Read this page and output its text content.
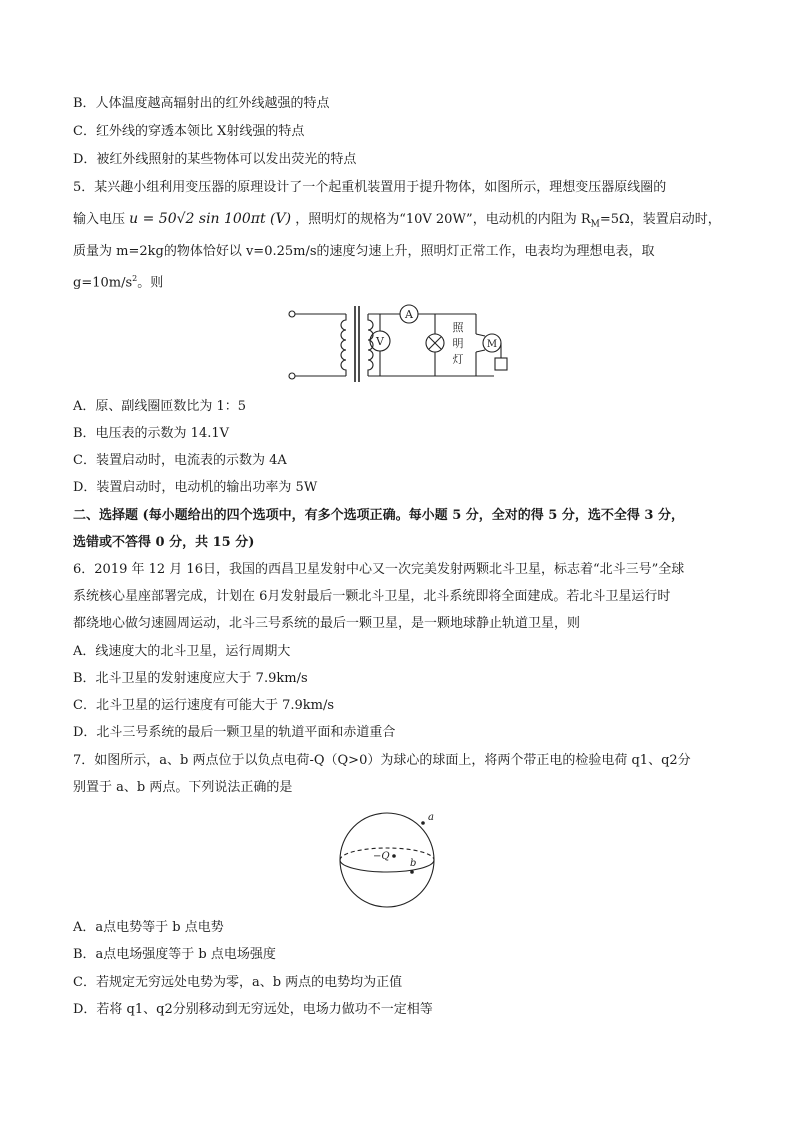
B．人体温度越高辐射出的红外线越强的特点
C．红外线的穿透本领比 X射线强的特点
D．被红外线照射的某些物体可以发出荧光的特点
5．某兴趣小组利用变压器的原理设计了一个起重机装置用于提升物体，如图所示，理想变压器原线圈的
输入电压 u = 50√2 sin 100πt (V) ，照明灯的规格为“10V 20W”，电动机的内阻为 $R_M=5\Omega$，装置启动时，
质量为 m=2kg的物体恰好以 v=0.25m/s的速度匀速上升，照明灯正常工作，电表均为理想电表，取
$g=10m/s^2$。则
V
A
M
照
明
灯
A．原、副线圈匝数比为 1：5
B．电压表的示数为 14.1V
C．装置启动时，电流表的示数为 4A
D．装置启动时，电动机的输出功率为 5W
二、选择题 (每小题给出的四个选项中，有多个选项正确。每小题 5 分，全对的得 5 分，选不全得 3 分，
选错或不答得 0 分，共 15 分)
6．2019 年 12 月 16日，我国的西昌卫星发射中心又一次完美发射两颗北斗卫星，标志着“北斗三号”全球
系统核心星座部署完成，计划在 6月发射最后一颗北斗卫星，北斗系统即将全面建成。若北斗卫星运行时
都绕地心做匀速圆周运动，北斗三号系统的最后一颗卫星，是一颗地球静止轨道卫星，则
A．线速度大的北斗卫星，运行周期大
B．北斗卫星的发射速度应大于 7.9km/s
C．北斗卫星的运行速度有可能大于 7.9km/s
D．北斗三号系统的最后一颗卫星的轨道平面和赤道重合
7．如图所示，a、b 两点位于以负点电荷-Q（Q>0）为球心的球面上，将两个带正电的检验电荷 q1、q2分
别置于 a、b 两点。下列说法正确的是
a
b
−Q
A．a点电势等于 b 点电势
B．a点电场强度等于 b 点电场强度
C．若规定无穷远处电势为零，a、b 两点的电势均为正值
D．若将 q1、q2分别移动到无穷远处，电场力做功不一定相等
